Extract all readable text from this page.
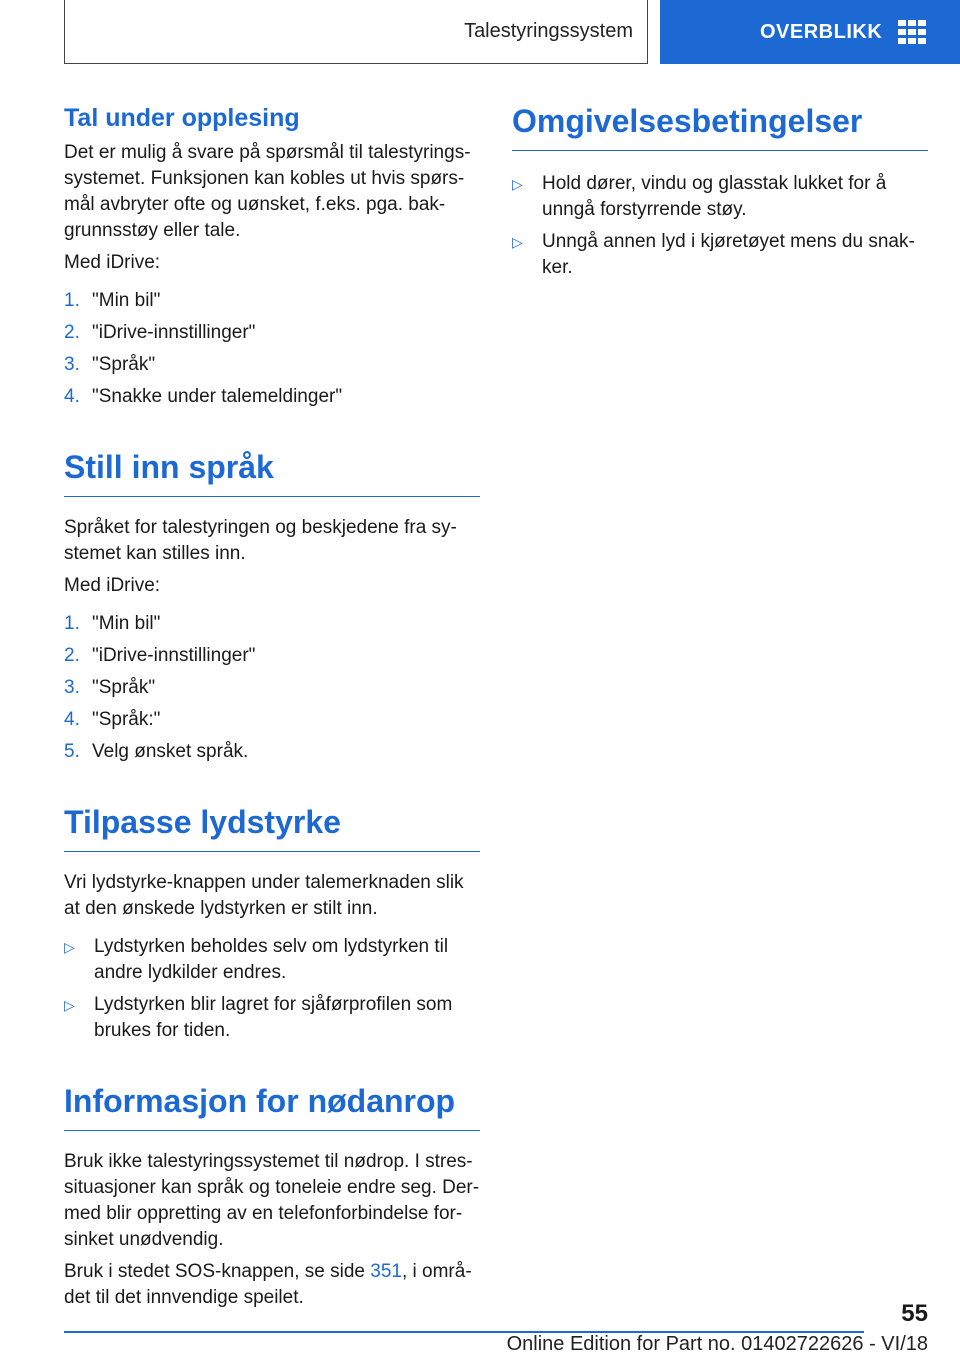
Talestyringssystem	OVERBLIKK
Tal under opplesing

Det er mulig å svare på spørsmål til talestyrings-
systemet. Funksjonen kan kobles ut hvis spørs-
mål avbryter ofte og uønsket, f.eks. pga. bak-
grunnsstøy eller tale.

Med iDrive:

1. "Min bil"
2. "iDrive-innstillinger"
3. "Språk"
4. "Snakke under talemeldinger"
Still inn språk

Språket for talestyringen og beskjedene fra sy-
stemet kan stilles inn.

Med iDrive:

1. "Min bil"
2. "iDrive-innstillinger"
3. "Språk"
4. "Språk:"
5. Velg ønsket språk.
Tilpasse lydstyrke

Vri lydstyrke-knappen under talemerknaden slik
at den ønskede lydstyrken er stilt inn.

▷	Lydstyrken beholdes selv om lydstyrken til
andre lydkilder endres.
▷	Lydstyrken blir lagret for sjåførprofilen som
brukes for tiden.
Informasjon for nødanrop

Bruk ikke talestyringssystemet til nødrop. I stres-
situasjoner kan språk og toneleie endre seg. Der-
med blir oppretting av en telefonforbindelse for-
sinket unødvendig.

Bruk i stedet SOS-knappen, se side 351, i områ-
det til det innvendige speilet.

Omgivelsesbetingelser
▷	Hold dører, vindu og glasstak lukket for å
unngå forstyrrende støy.
▷	Unngå annen lyd i kjøretøyet mens du snak-
ker.
55
Online Edition for Part no. 01402722626 - VI/18
